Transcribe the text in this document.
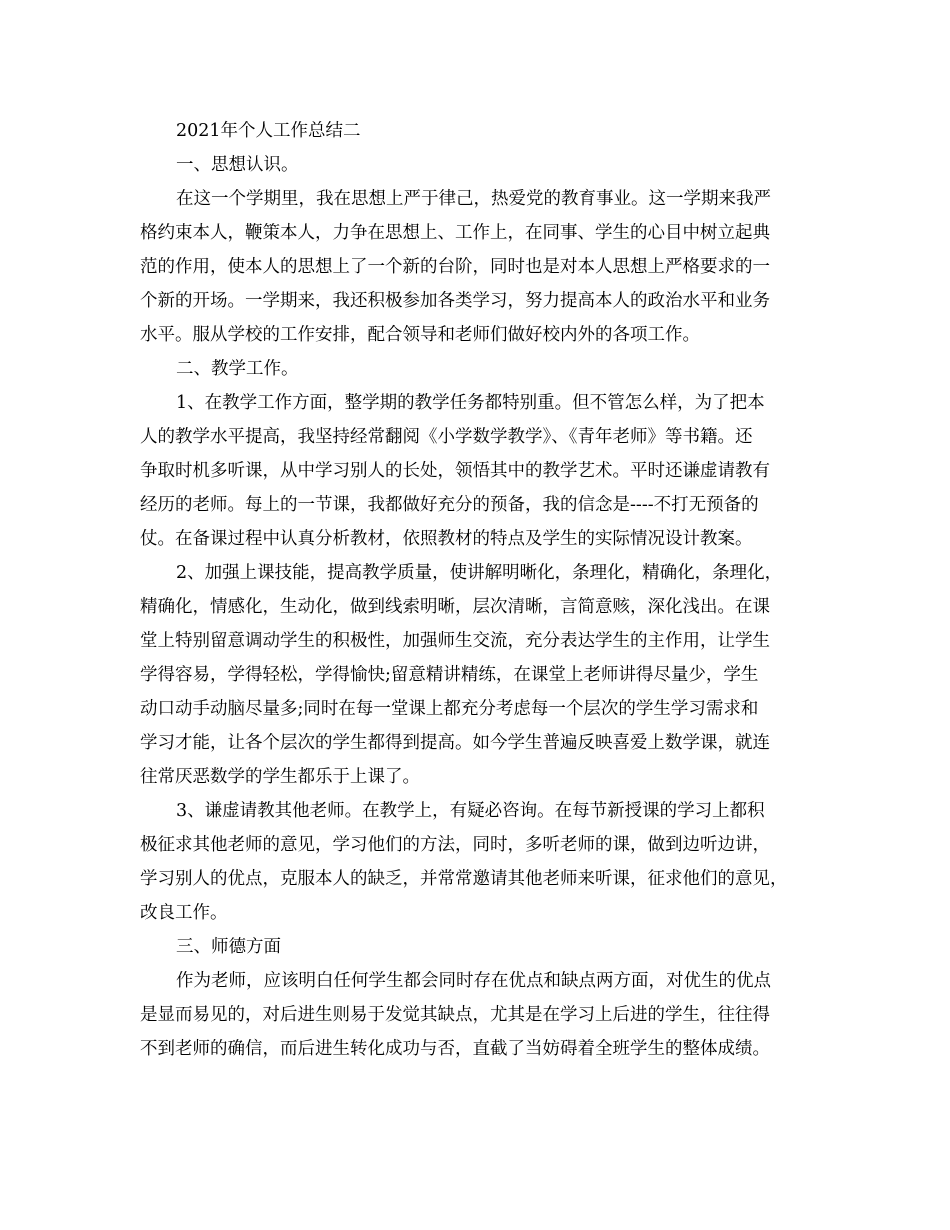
2021年个人工作总结二
一、思想认识。
在这一个学期里，我在思想上严于律己，热爱党的教育事业。这一学期来我严
格约束本人，鞭策本人，力争在思想上、工作上，在同事、学生的心目中树立起典
范的作用，使本人的思想上了一个新的台阶，同时也是对本人思想上严格要求的一
个新的开场。一学期来，我还积极参加各类学习，努力提高本人的政治水平和业务
水平。服从学校的工作安排，配合领导和老师们做好校内外的各项工作。
二、教学工作。
1、在教学工作方面，整学期的教学任务都特别重。但不管怎么样，为了把本
人的教学水平提高，我坚持经常翻阅《小学数学教学》、《青年老师》等书籍。还
争取时机多听课，从中学习别人的长处，领悟其中的教学艺术。平时还谦虚请教有
经历的老师。每上的一节课，我都做好充分的预备，我的信念是----不打无预备的
仗。在备课过程中认真分析教材，依照教材的特点及学生的实际情况设计教案。
2、加强上课技能，提高教学质量，使讲解明晰化，条理化，精确化，条理化，
精确化，情感化，生动化，做到线索明晰，层次清晰，言简意赅，深化浅出。在课
堂上特别留意调动学生的积极性，加强师生交流，充分表达学生的主作用，让学生
学得容易，学得轻松，学得愉快;留意精讲精练，在课堂上老师讲得尽量少，学生
动口动手动脑尽量多;同时在每一堂课上都充分考虑每一个层次的学生学习需求和
学习才能，让各个层次的学生都得到提高。如今学生普遍反映喜爱上数学课，就连
往常厌恶数学的学生都乐于上课了。
3、谦虚请教其他老师。在教学上，有疑必咨询。在每节新授课的学习上都积
极征求其他老师的意见，学习他们的方法，同时，多听老师的课，做到边听边讲，
学习别人的优点，克服本人的缺乏，并常常邀请其他老师来听课，征求他们的意见，
改良工作。
三、师德方面
作为老师，应该明白任何学生都会同时存在优点和缺点两方面，对优生的优点
是显而易见的，对后进生则易于发觉其缺点，尤其是在学习上后进的学生，往往得
不到老师的确信，而后进生转化成功与否，直截了当妨碍着全班学生的整体成绩。
